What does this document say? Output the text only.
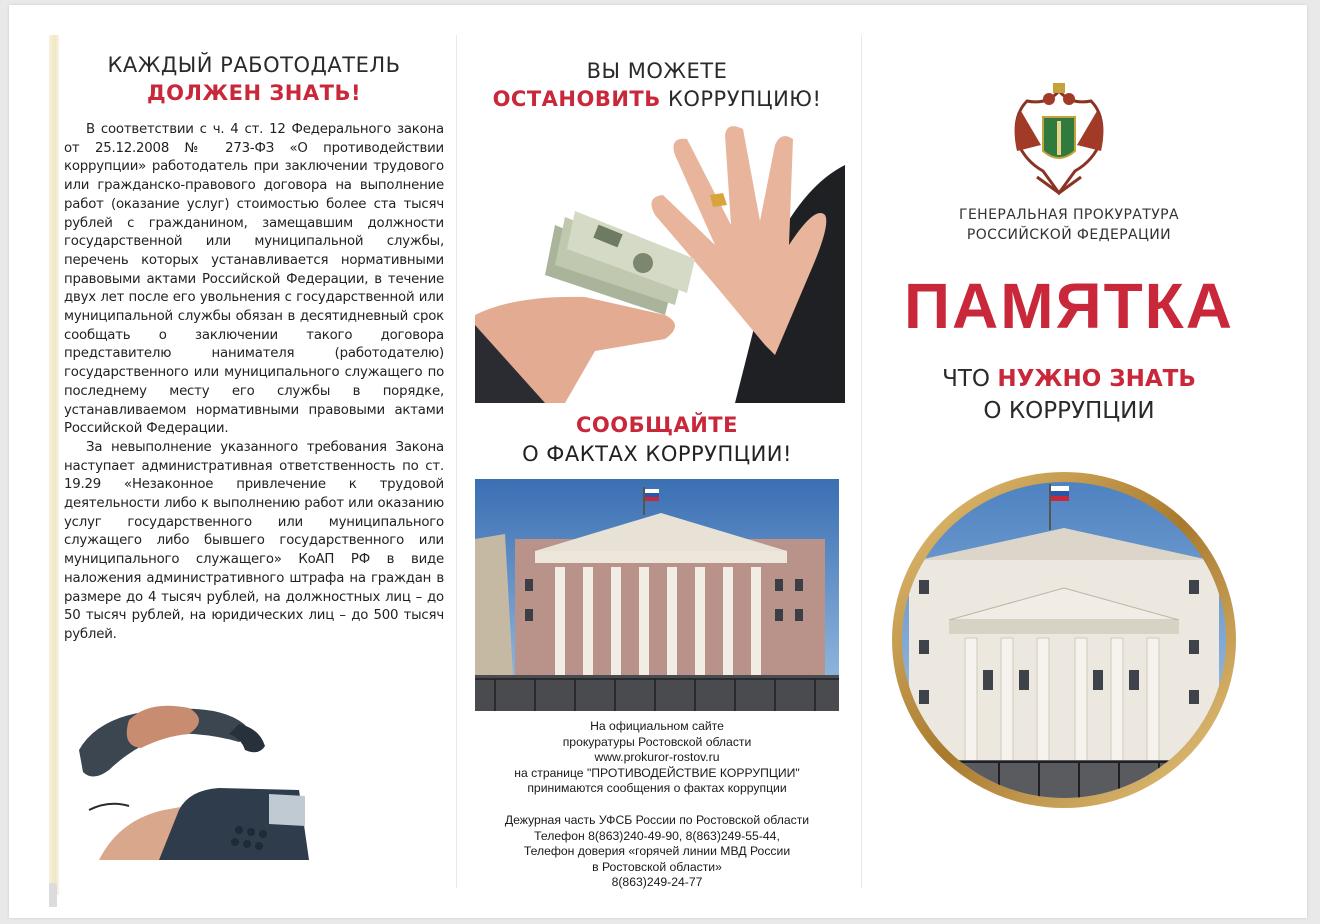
КАЖДЫЙ РАБОТОДАТЕЛЬ
ДОЛЖЕН ЗНАТЬ!

В соответствии с ч. 4 ст. 12 Федерального закона от 25.12.2008 № 273-ФЗ «О противодействии коррупции» работодатель при заключении трудового или гражданско-правового договора на выполнение работ (оказание услуг) стоимостью более ста тысяч рублей с гражданином, замещавшим должности государственной или муниципальной службы, перечень которых устанавливается нормативными правовыми актами Российской Федерации, в течение двух лет после его увольнения с государственной или муниципальной службы обязан в десятидневный срок сообщать о заключении такого договора представителю нанимателя (работодателю) государственного или муниципального служащего по последнему месту его службы в порядке, устанавливаемом нормативными правовыми актами Российской Федерации.

За невыполнение указанного требования Закона наступает административная ответственность по ст. 19.29 «Незаконное привлечение к трудовой деятельности либо к выполнению работ или оказанию услуг государственного или муниципального служащего либо бывшего государственного или муниципального служащего» КоАП РФ в виде наложения административного штрафа на граждан в размере до 4 тысяч рублей, на должностных лиц – до 50 тысяч рублей, на юридических лиц – до 500 тысяч рублей.

ВЫ МОЖЕТЕ
ОСТАНОВИТЬ КОРРУПЦИЮ!
СООБЩАЙТЕ
О ФАКТАХ КОРРУПЦИИ!
На официальном сайте
прокуратуры Ростовской области
www.prokuror-rostov.ru
на странице "ПРОТИВОДЕЙСТВИЕ КОРРУПЦИИ"
принимаются сообщения о фактах коррупции
Дежурная часть УФСБ России по Ростовской области
Телефон 8(863)240-49-90, 8(863)249-55-44,
Телефон доверия «горячей линии МВД России
в Ростовской области»
8(863)249-24-77
ГЕНЕРАЛЬНАЯ ПРОКУРАТУРА
РОССИЙСКОЙ ФЕДЕРАЦИИ
ПАМЯТКА
ЧТО НУЖНО ЗНАТЬ
О КОРРУПЦИИ
